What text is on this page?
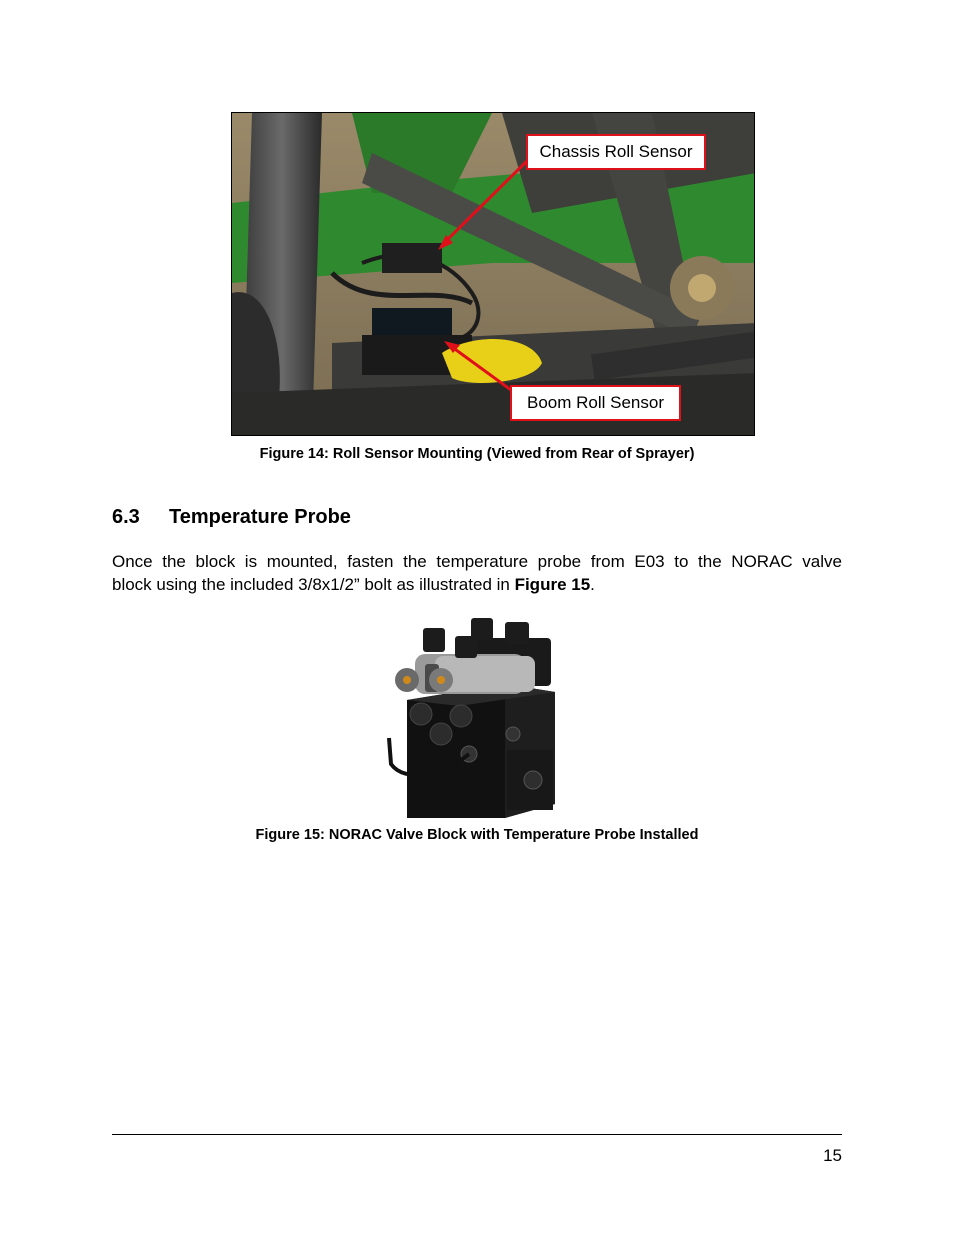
Chassis Roll Sensor
Boom Roll Sensor
Figure 14: Roll Sensor Mounting (Viewed from Rear of Sprayer)
6.3	Temperature Probe
Once the block is mounted, fasten the temperature probe from E03 to the NORAC valve
block using the included 3/8x1/2” bolt as illustrated in Figure 15.
Figure 15: NORAC Valve Block with Temperature Probe Installed
15
